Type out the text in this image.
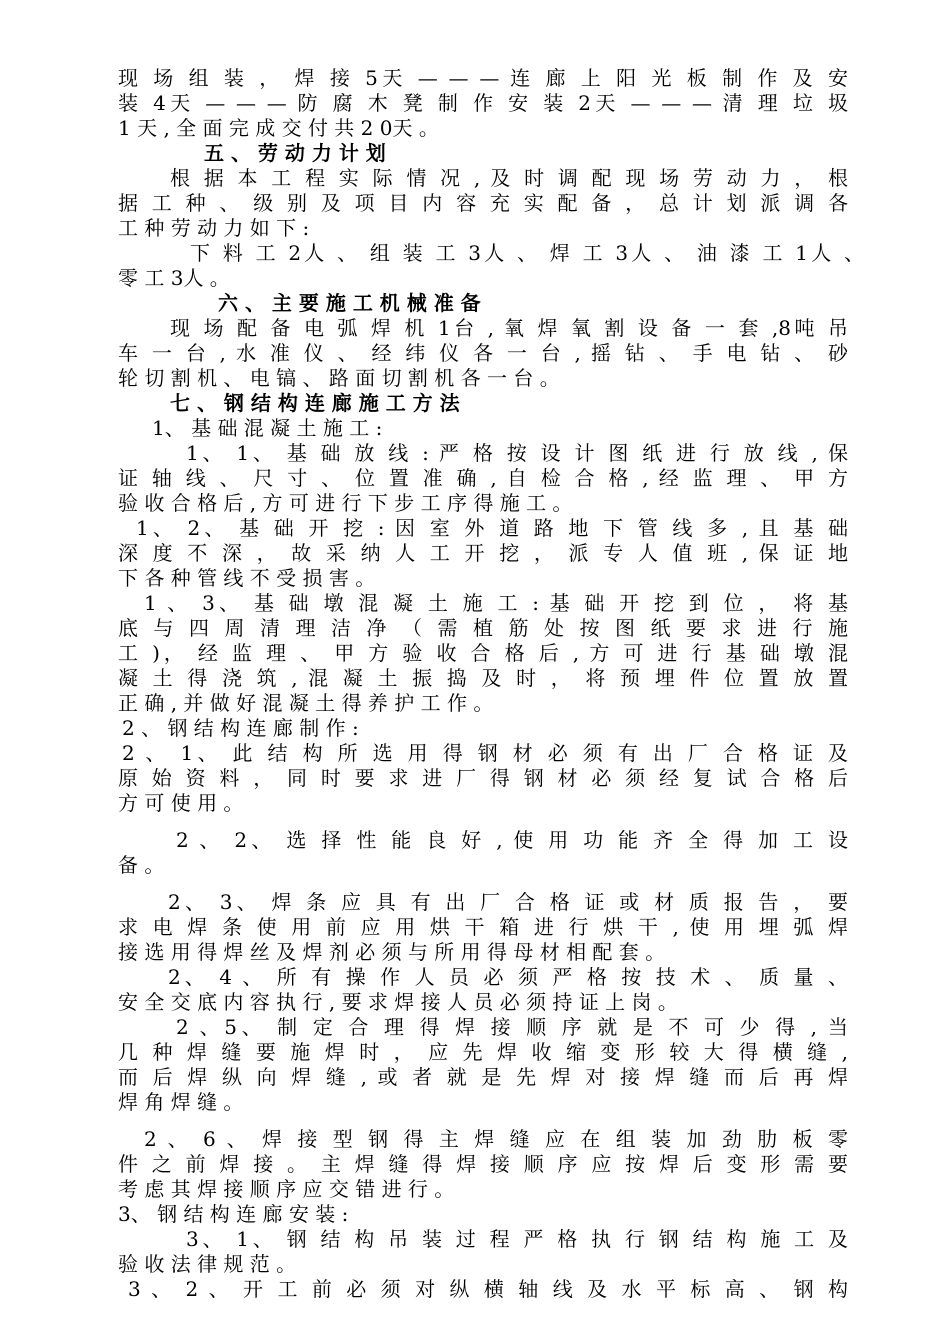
现 场 组 装 ， 焊 接 5天 — — — 连 廊 上 阳 光 板 制 作 及 安
装 4天 — — — 防 腐 木 凳 制 作 安 装 2天 — — — 清 理 垃 圾
1 天 , 全 面 完 成 交 付 共 2 0天 。
五 、 劳 动 力 计 划
根 据 本 工 程 实 际 情 况 , 及 时 调 配 现 场 劳 动 力 ， 根
据 工 种 、 级 别 及 项 目 内 容 充 实 配 备 ， 总 计 划 派 调 各
工 种 劳 动 力 如 下 :
下 料 工 2人 、 组 装 工 3人 、 焊 工 3人 、 油 漆 工 1人 、
零 工 3人 。
六 、 主 要 施 工 机 械 准 备
现 场 配 备 电 弧 焊 机 1台 , 氧 焊 氧 割 设 备 一 套 ,8吨 吊
车 一 台 , 水 准 仪 、 经 纬 仪 各 一 台 , 摇 钻 、 手 电 钻 、 砂
轮 切 割 机 、 电 镐 、 路 面 切 割 机 各 一 台 。
七 、 钢 结 构 连 廊 施 工 方 法
1、 基 础 混 凝 土 施 工 :
1、 1、 基 础 放 线 : 严 格 按 设 计 图 纸 进 行 放 线 , 保
证 轴 线 、 尺 寸 、 位 置 准 确 , 自 检 合 格 , 经 监 理 、 甲 方
验 收 合 格 后 , 方 可 进 行 下 步 工 序 得 施 工 。
1、 2、 基 础 开 挖 : 因 室 外 道 路 地 下 管 线 多 , 且 基 础
深 度 不 深 ， 故 采 纳 人 工 开 挖 ， 派 专 人 值 班 , 保 证 地
下 各 种 管 线 不 受 损 害 。
1 、 3、 基 础 墩 混 凝 土 施 工 : 基 础 开 挖 到 位 ， 将 基
底 与 四 周 清 理 洁 净 （ 需 植 筋 处 按 图 纸 要 求 进 行 施
工 )， 经 监 理 、 甲 方 验 收 合 格 后 , 方 可 进 行 基 础 墩 混
凝 土 得 浇 筑 , 混 凝 土 振 捣 及 时 ， 将 预 埋 件 位 置 放 置
正 确 , 并 做 好 混 凝 土 得 养 护 工 作 。
2 、 钢 结 构 连 廊 制 作 :
2 、 1、 此 结 构 所 选 用 得 钢 材 必 须 有 出 厂 合 格 证 及
原 始 资 料 ， 同 时 要 求 进 厂 得 钢 材 必 须 经 复 试 合 格 后
方 可 使 用 。
2 、 2、 选 择 性 能 良 好 , 使 用 功 能 齐 全 得 加 工 设
备 。
2、 3、 焊 条 应 具 有 出 厂 合 格 证 或 材 质 报 告 ， 要
求 电 焊 条 使 用 前 应 用 烘 干 箱 进 行 烘 干 , 使 用 埋 弧 焊
接 选 用 得 焊 丝 及 焊 剂 必 须 与 所 用 得 母 材 相 配 套 。
2、 4 、 所 有 操 作 人 员 必 须 严 格 按 技 术 、 质 量 、
安 全 交 底 内 容 执 行 , 要 求 焊 接 人 员 必 须 持 证 上 岗 。
2 、5、 制 定 合 理 得 焊 接 顺 序 就 是 不 可 少 得 , 当
几 种 焊 缝 要 施 焊 时 ， 应 先 焊 收 缩 变 形 较 大 得 横 缝 ,
而 后 焊 纵 向 焊 缝 , 或 者 就 是 先 焊 对 接 焊 缝 而 后 再 焊
焊 角 焊 缝 。
2 、 6 、 焊 接 型 钢 得 主 焊 缝 应 在 组 装 加 劲 肋 板 零
件 之 前 焊 接 。 主 焊 缝 得 焊 接 顺 序 应 按 焊 后 变 形 需 要
考 虑 其 焊 接 顺 序 应 交 错 进 行 。
3、 钢 结 构 连 廊 安 装 :
3、 1、 钢 结 构 吊 装 过 程 严 格 执 行 钢 结 构 施 工 及
验 收 法 律 规 范 。
3 、 2 、 开 工 前 必 须 对 纵 横 轴 线 及 水 平 标 高 、 钢 构
